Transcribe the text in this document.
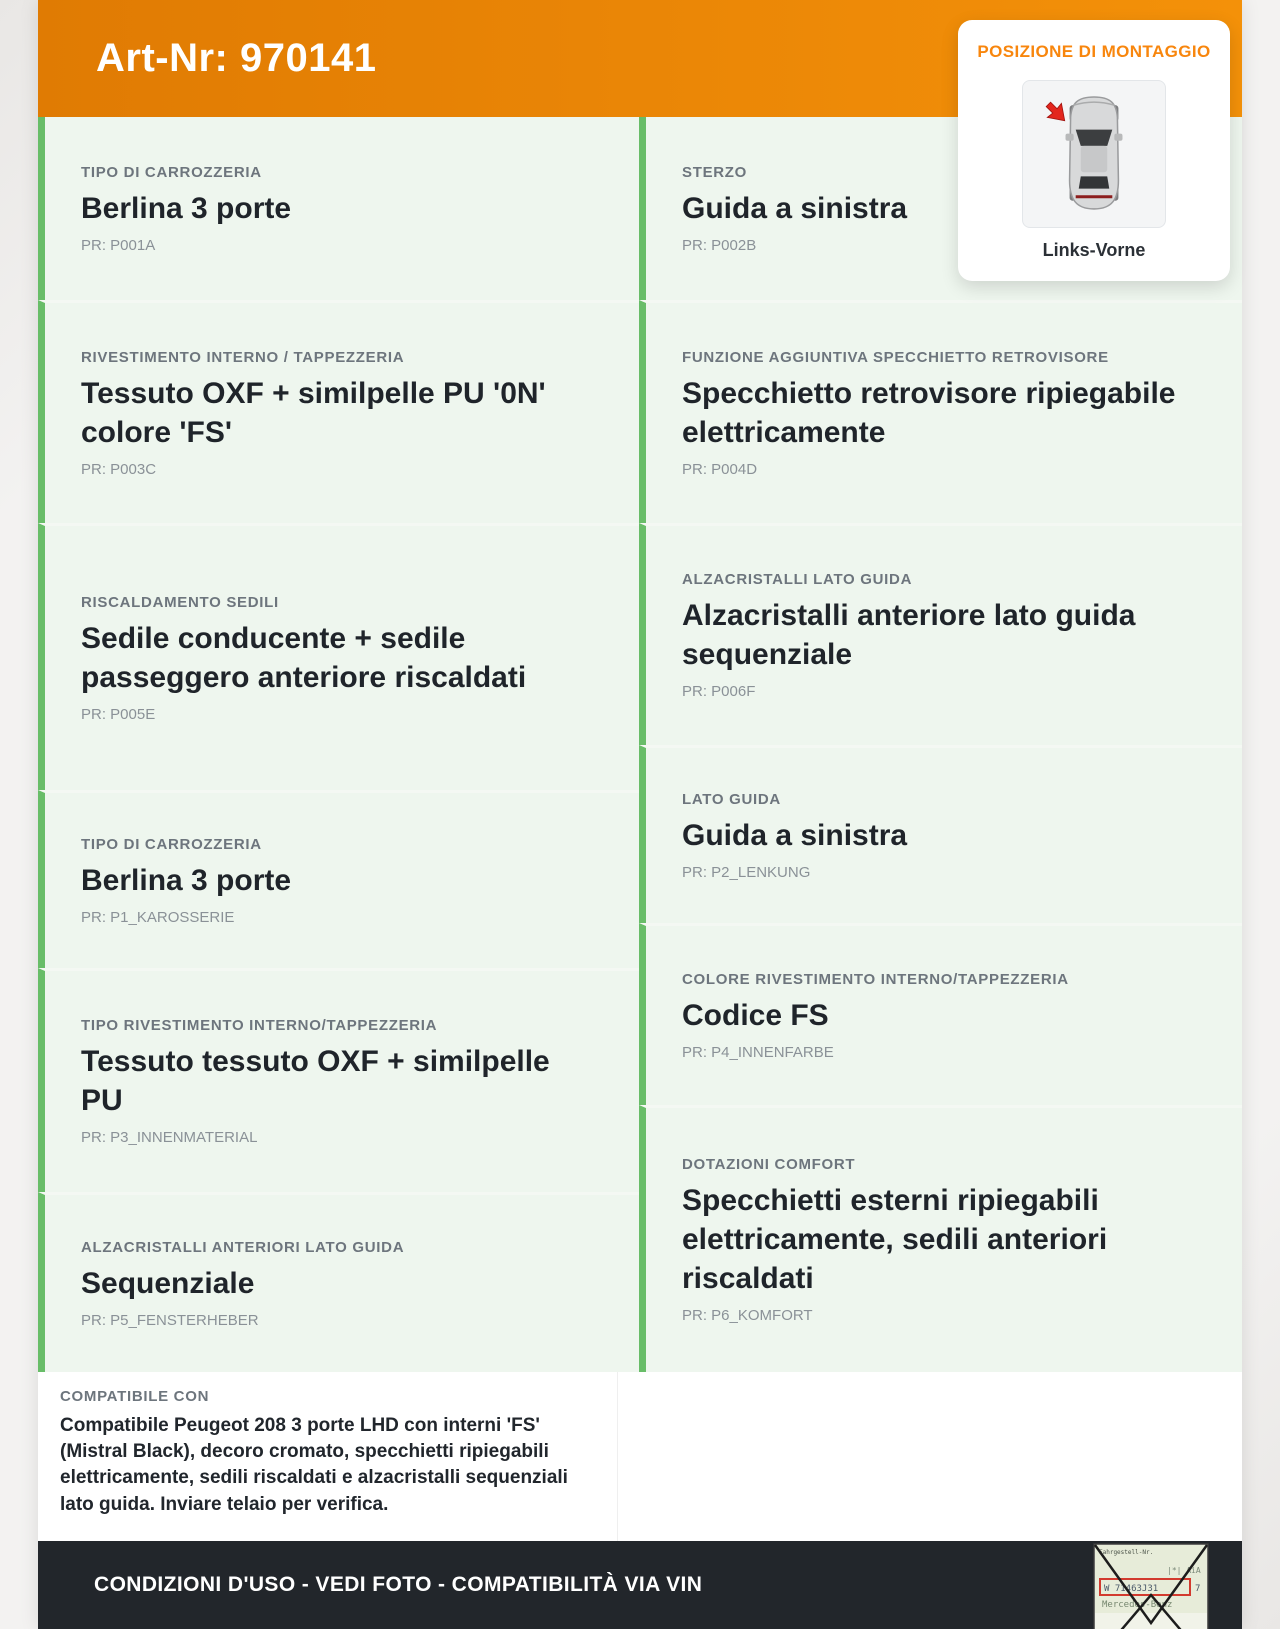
Art-Nr: 970141	POSIZIONE DI MONTAGGIO
Links-Vorne
TIPO DI CARROZZERIA
Berlina 3 porte
PR: P001A
RIVESTIMENTO INTERNO / TAPPEZZERIA
Tessuto OXF + similpelle PU '0N' colore 'FS'
PR: P003C
RISCALDAMENTO SEDILI
Sedile conducente + sedile passeggero anteriore riscaldati
PR: P005E
TIPO DI CARROZZERIA
Berlina 3 porte
PR: P1_KAROSSERIE
TIPO RIVESTIMENTO INTERNO/TAPPEZZERIA
Tessuto tessuto OXF + similpelle PU
PR: P3_INNENMATERIAL
ALZACRISTALLI ANTERIORI LATO GUIDA
Sequenziale
PR: P5_FENSTERHEBER
STERZO
Guida a sinistra
PR: P002B
FUNZIONE AGGIUNTIVA SPECCHIETTO RETROVISORE
Specchietto retrovisore ripiegabile elettricamente
PR: P004D
ALZACRISTALLI LATO GUIDA
Alzacristalli anteriore lato guida sequenziale
PR: P006F
LATO GUIDA
Guida a sinistra
PR: P2_LENKUNG
COLORE RIVESTIMENTO INTERNO/TAPPEZZERIA
Codice FS
PR: P4_INNENFARBE
DOTAZIONI COMFORT
Specchietti esterni ripiegabili elettricamente, sedili anteriori riscaldati
PR: P6_KOMFORT
COMPATIBILE CON
Compatibile Peugeot 208 3 porte LHD con interni 'FS' (Mistral Black), decoro cromato, specchietti ripiegabili elettricamente, sedili riscaldati e alzacristalli sequenziali lato guida. Inviare telaio per verifica.
CONDIZIONI D'USO - VEDI FOTO - COMPATIBILITÀ VIA VIN
Fahrgestell-Nr.
|*| AiA
W 71463J31	7
Mercedes-Benz
